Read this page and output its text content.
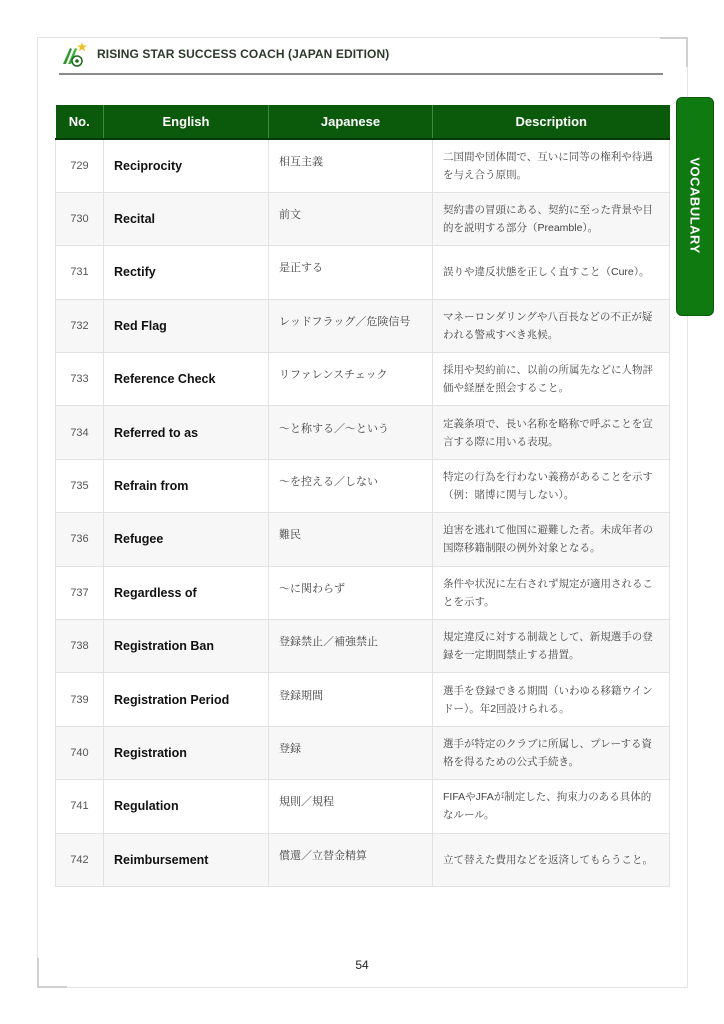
RISING STAR SUCCESS COACH (JAPAN EDITION)
No.	English	Japanese	Description
729	Reciprocity	相互主義	二国間や団体間で、互いに同等の権利や待遇を与え合う原則。
730	Recital	前文	契約書の冒頭にある、契約に至った背景や目的を説明する部分（Preamble）。
731	Rectify	是正する	誤りや違反状態を正しく直すこと（Cure）。
732	Red Flag	レッドフラッグ／危険信号	マネーロンダリングや八百長などの不正が疑われる警戒すべき兆候。
733	Reference Check	リファレンスチェック	採用や契約前に、以前の所属先などに人物評価や経歴を照会すること。
734	Referred to as	〜と称する／〜という	定義条項で、長い名称を略称で呼ぶことを宣言する際に用いる表現。
735	Refrain from	〜を控える／しない	特定の行為を行わない義務があることを示す（例：賭博に関与しない）。
736	Refugee	難民	迫害を逃れて他国に避難した者。未成年者の国際移籍制限の例外対象となる。
737	Regardless of	〜に関わらず	条件や状況に左右されず規定が適用されることを示す。
738	Registration Ban	登録禁止／補強禁止	規定違反に対する制裁として、新規選手の登録を一定期間禁止する措置。
739	Registration Period	登録期間	選手を登録できる期間（いわゆる移籍ウインドー）。年2回設けられる。
740	Registration	登録	選手が特定のクラブに所属し、プレーする資格を得るための公式手続き。
741	Regulation	規則／規程	FIFAやJFAが制定した、拘束力のある具体的なルール。
742	Reimbursement	償還／立替金精算	立て替えた費用などを返済してもらうこと。
VOCABULARY
54
